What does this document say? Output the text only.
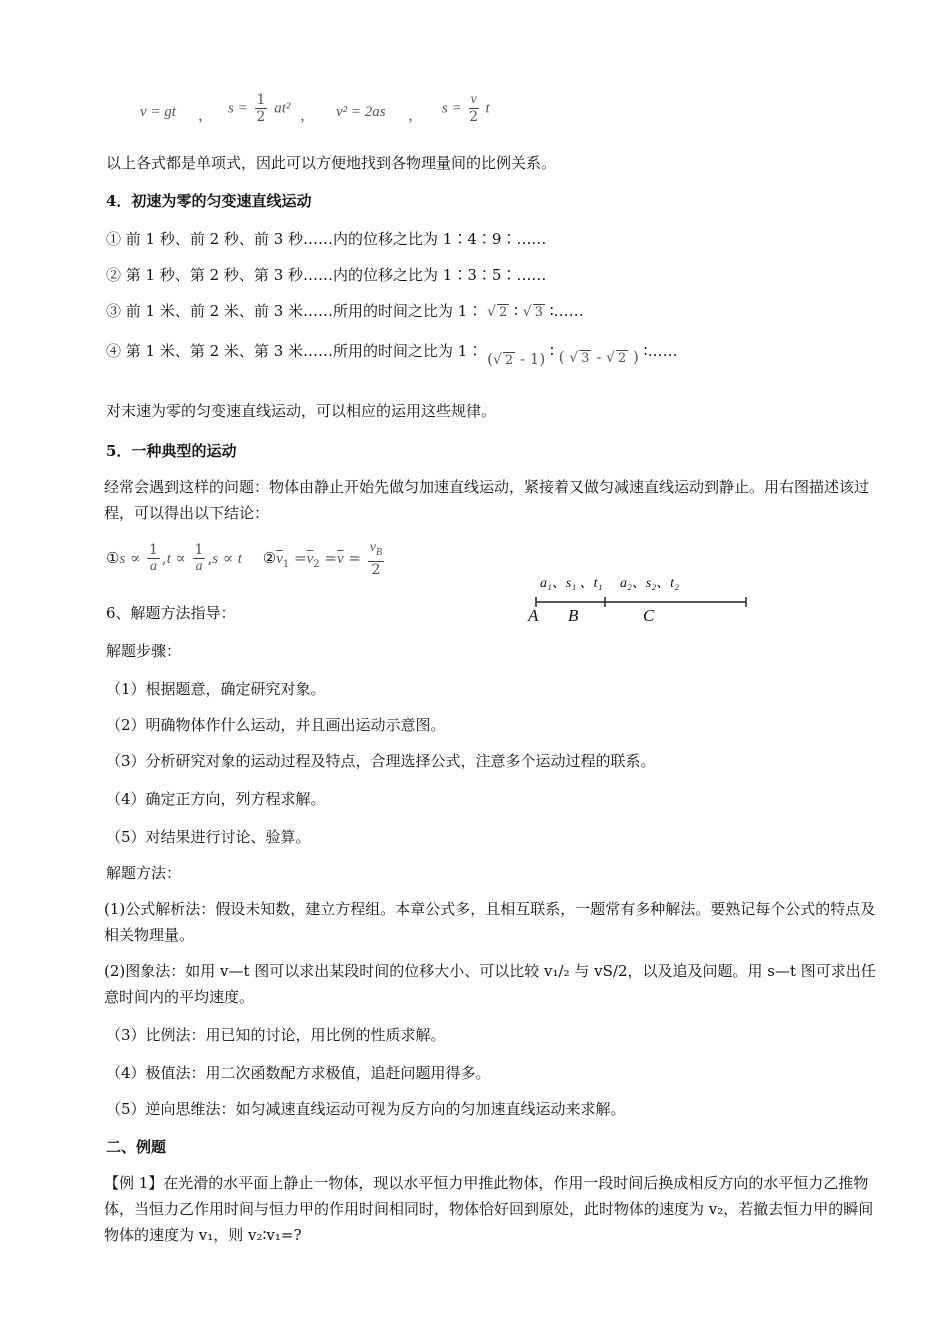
v = gt ， $s = \frac{1}{2} at^2$ ， v² = 2as ， $s = \frac{v}{2}$ t
以上各式都是单项式，因此可以方便地找到各物理量间的比例关系。
4．初速为零的匀变速直线运动
① 前 1 秒、前 2 秒、前 3 秒……内的位移之比为 1∶4∶9∶……
② 第 1 秒、第 2 秒、第 3 秒……内的位移之比为 1∶3∶5∶……
③ 前 1 米、前 2 米、前 3 米……所用的时间之比为 1∶ √ 2 ∶ √ 3 ∶……
④ 第 1 米、第 2 米、第 3 米……所用的时间之比为 1∶ (√ 2 - 1) ∶ ( √ 3 - √ 2 ) ∶……
对末速为零的匀变速直线运动，可以相应的运用这些规律。
5．一种典型的运动
经常会遇到这样的问题：物体由静止开始先做匀加速直线运动，紧接着又做匀减速直线运动到静止。用右图描述该过程，可以得出以下结论：
①s ∝ $\frac{1}{a} ,t \propto \frac{1}{a} ,s \propto t$ $②\overline{v}_1 =\overline{v}_2 =\overline{v} = \frac{v_B}{2}$
a₁、s₁ 、t₁ a₂、s₂、t₂
A B	C
6、解题方法指导：
解题步骤：
（1）根据题意，确定研究对象。
（2）明确物体作什么运动，并且画出运动示意图。
（3）分析研究对象的运动过程及特点，合理选择公式，注意多个运动过程的联系。
（4）确定正方向，列方程求解。
（5）对结果进行讨论、验算。
解题方法：
(1)公式解析法：假设未知数，建立方程组。本章公式多，且相互联系，一题常有多种解法。要熟记每个公式的特点及相关物理量。
(2)图象法：如用 v—t 图可以求出某段时间的位移大小、可以比较 v₁/₂ 与 vS/2，以及追及问题。用 s—t 图可求出任意时间内的平均速度。
（3）比例法：用已知的讨论，用比例的性质求解。
（4）极值法：用二次函数配方求极值，追赶问题用得多。
（5）逆向思维法：如匀减速直线运动可视为反方向的匀加速直线运动来求解。
二、例题
【例 1】在光滑的水平面上静止一物体，现以水平恒力甲推此物体，作用一段时间后换成相反方向的水平恒力乙推物体，当恒力乙作用时间与恒力甲的作用时间相同时，物体恰好回到原处，此时物体的速度为 v₂，若撤去恒力甲的瞬间物体的速度为 v₁，则 v₂∶v₁=?
